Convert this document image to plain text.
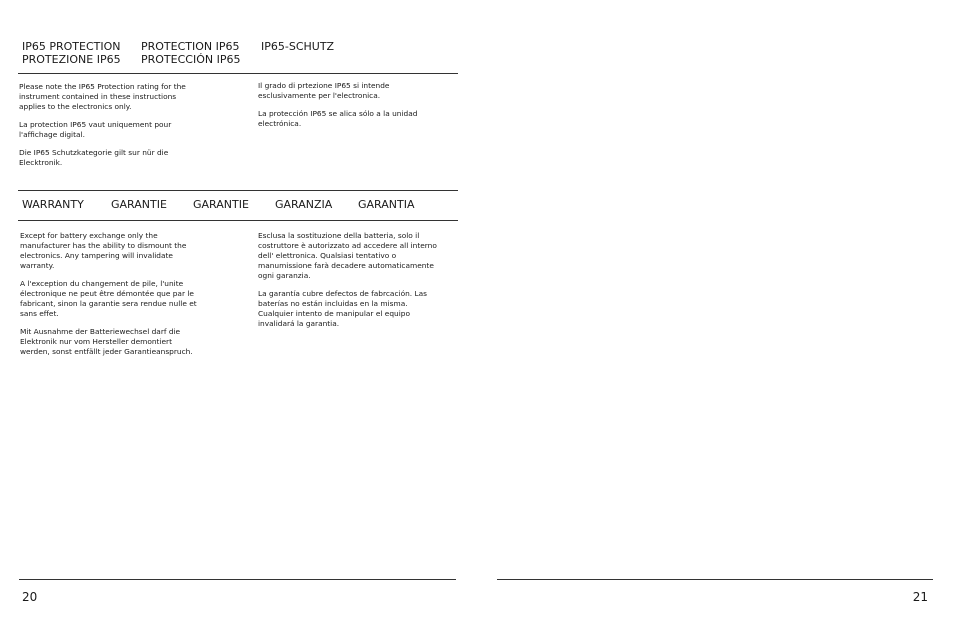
IP65 PROTECTION PROTECTION IP65 IP65-SCHUTZ
PROTEZIONE IP65 PROTECCIÓN IP65

Please note the IP65 Protection rating for the instrument contained in these instructions applies to the electronics only.

La protection IP65 vaut uniquement pour l'affichage digital.

Die IP65 Schutzkategorie gilt sur nür die Elecktronik.

Il grado di prtezione IP65 si intende esclusivamente per l'electronica.

La protección IP65 se alica sólo a la unidad electrónica.

WARRANTY GARANTIE GARANTIE GARANZIA GARANTIA

Except for battery exchange only the manufacturer has the ability to dismount the electronics. Any tampering will invalidate warranty.

A l'exception du changement de pile, l'unite électronique ne peut être démontée que par le fabricant, sinon la garantie sera rendue nulle et sans effet.

Mit Ausnahme der Batteriewechsel darf die Elektronik nur vom Hersteller demontiert werden, sonst entfällt jeder Garantieanspruch.

Esclusa la sostituzione della batteria, solo il costruttore è autorizzato ad accedere all interno dell' elettronica. Qualsiasi tentativo o manumissione farà decadere automaticamente ogni garanzia.

La garantía cubre defectos de fabrcación. Las baterías no están incluidas en la misma. Cualquier intento de manipular el equipo invalidará la garantia.

20	21
